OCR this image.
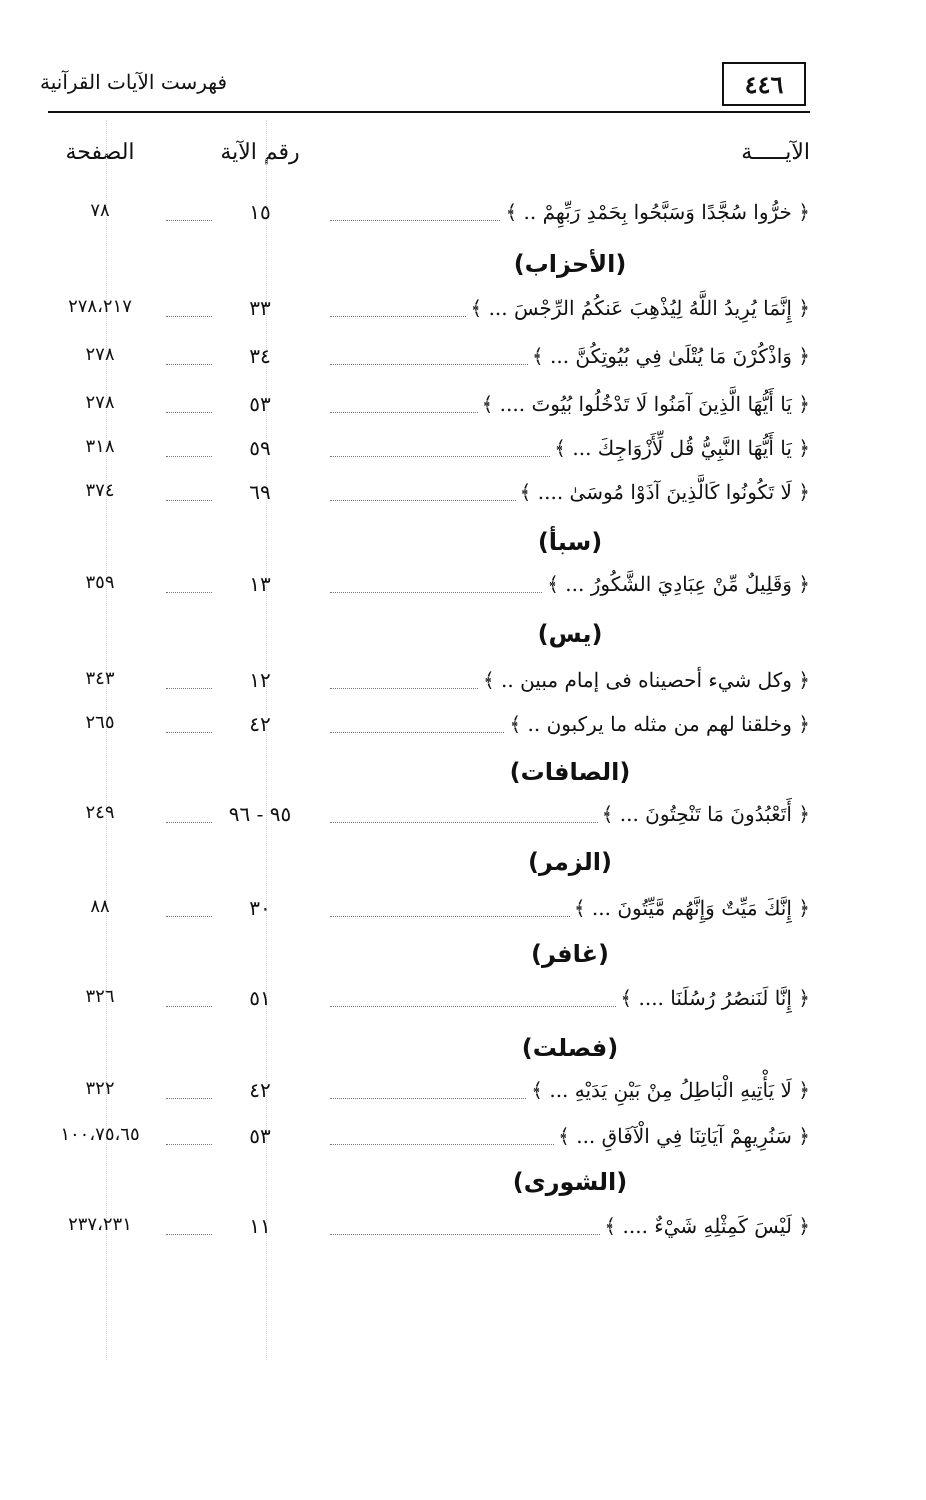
٤٤٦
فهرست الآيات القرآنية
الآيـــــة
رقم الآية
الصفحة
﴿ خرُّوا سُجَّدًا وَسَبَّحُوا بِحَمْدِ رَبِّهِمْ .. ﴾
١٥
٧٨
(الأحزاب)
﴿ إِنَّمَا يُرِيدُ اللَّهُ لِيُذْهِبَ عَنكُمُ الرِّجْسَ ... ﴾
٣٣
٢٧٨،٢١٧
﴿ وَاذْكُرْنَ مَا يُتْلَىٰ فِي بُيُوتِكُنَّ ... ﴾
٣٤
٢٧٨
﴿ يَا أَيُّهَا الَّذِينَ آمَنُوا لَا تَدْخُلُوا بُيُوتَ .... ﴾
٥٣
٢٧٨
﴿ يَا أَيُّهَا النَّبِيُّ قُل لِّأَزْوَاجِكَ ... ﴾
٥٩
٣١٨
﴿ لَا تَكُونُوا كَالَّذِينَ آذَوْا مُوسَىٰ .... ﴾
٦٩
٣٧٤
(سبأ)
﴿ وَقَلِيلٌ مِّنْ عِبَادِيَ الشَّكُورُ ... ﴾
١٣
٣٥٩
(يس)
﴿ وكل شيء أحصيناه فى إمام مبين .. ﴾
١٢
٣٤٣
﴿ وخلقنا لهم من مثله ما يركبون .. ﴾
٤٢
٢٦٥
(الصافات)
﴿ أَتَعْبُدُونَ مَا تَنْحِتُونَ ... ﴾
٩٥ - ٩٦
٢٤٩
(الزمر)
﴿ إِنَّكَ مَيِّتٌ وَإِنَّهُم مَّيِّتُونَ ... ﴾
٣٠
٨٨
(غافر)
﴿ إِنَّا لَنَنصُرُ رُسُلَنَا .... ﴾
٥١
٣٢٦
(فصلت)
﴿ لَا يَأْتِيهِ الْبَاطِلُ مِنْ بَيْنِ يَدَيْهِ ... ﴾
٤٢
٣٢٢
﴿ سَنُرِيهِمْ آيَاتِنَا فِي الْآفَاقِ ... ﴾
٥٣
١٠٠،٧٥،٦٥
(الشورى)
﴿ لَيْسَ كَمِثْلِهِ شَيْءٌ .... ﴾
١١
٢٣٧،٢٣١
